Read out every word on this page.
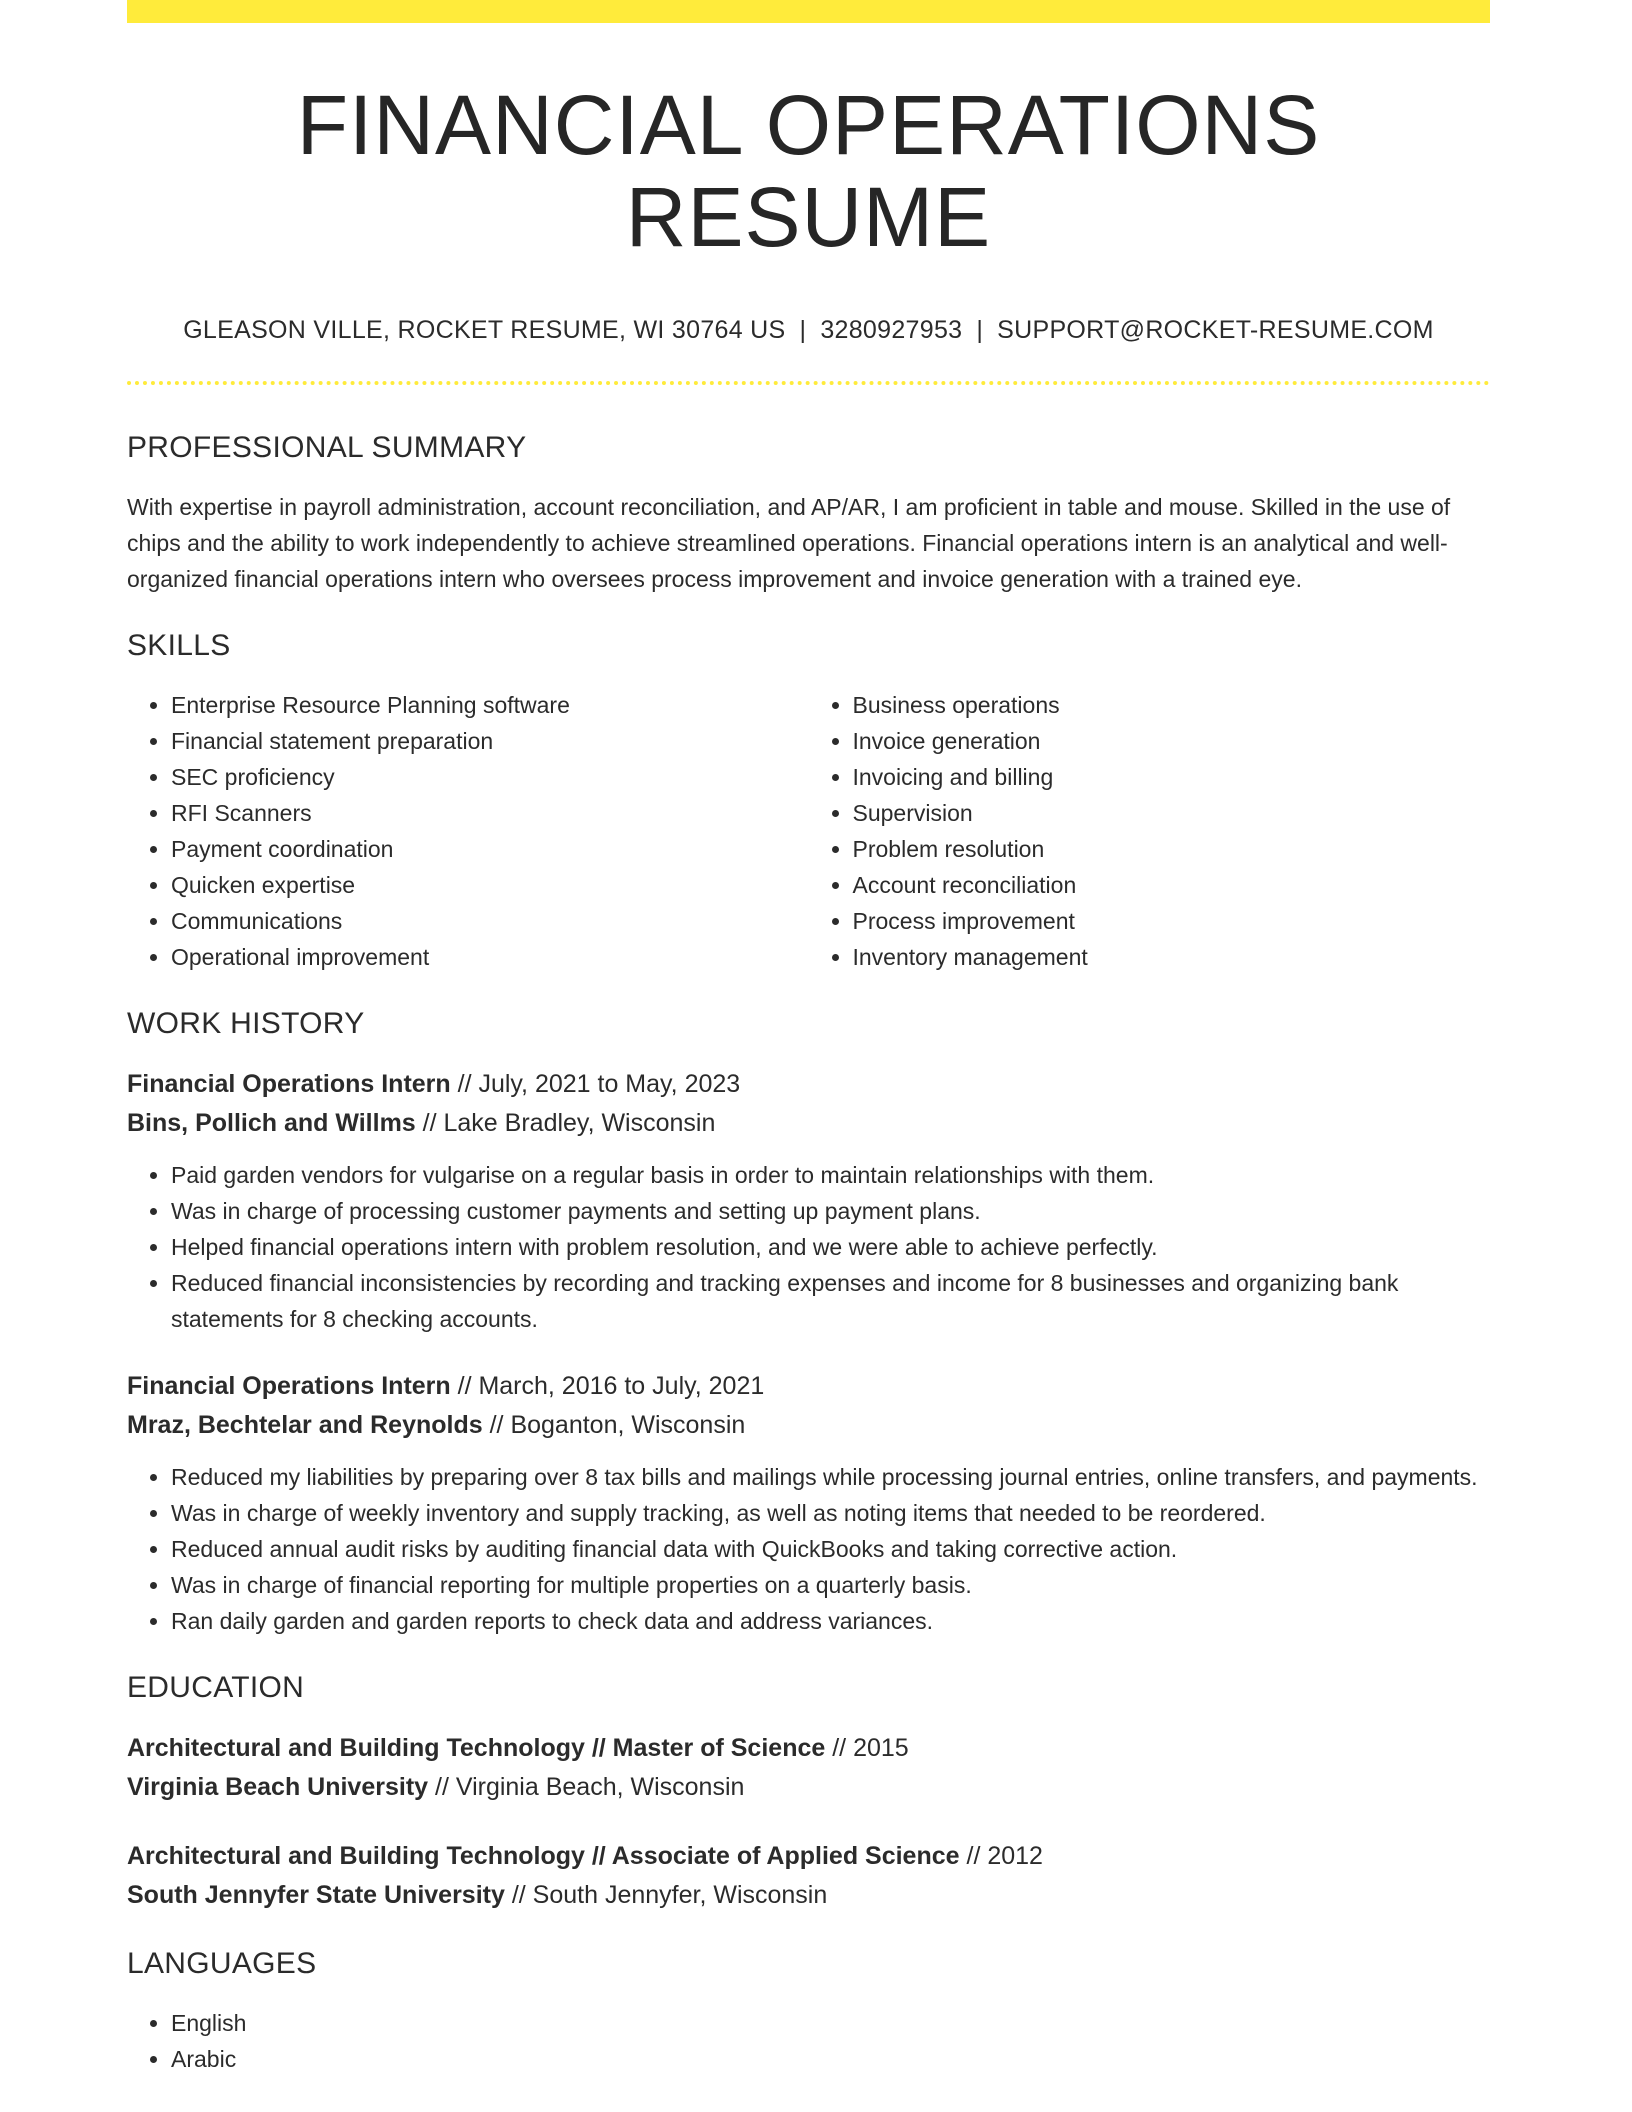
FINANCIAL OPERATIONS RESUME
GLEASON VILLE, ROCKET RESUME, WI 30764 US | 3280927953 | SUPPORT@ROCKET-RESUME.COM
PROFESSIONAL SUMMARY

With expertise in payroll administration, account reconciliation, and AP/AR, I am proficient in table and mouse. Skilled in the use of chips and the ability to work independently to achieve streamlined operations. Financial operations intern is an analytical and well-organized financial operations intern who oversees process improvement and invoice generation with a trained eye.

SKILLS
• Enterprise Resource Planning software
• Financial statement preparation
• SEC proficiency
• RFI Scanners
• Payment coordination
• Quicken expertise
• Communications
• Operational improvement
• Business operations
• Invoice generation
• Invoicing and billing
• Supervision
• Problem resolution
• Account reconciliation
• Process improvement
• Inventory management
WORK HISTORY

Financial Operations Intern // July, 2021 to May, 2023

Bins, Pollich and Willms // Lake Bradley, Wisconsin

• Paid garden vendors for vulgarise on a regular basis in order to maintain relationships with them.
• Was in charge of processing customer payments and setting up payment plans.
• Helped financial operations intern with problem resolution, and we were able to achieve perfectly.
• Reduced financial inconsistencies by recording and tracking expenses and income for 8 businesses and organizing bank statements for 8 checking accounts.

Financial Operations Intern // March, 2016 to July, 2021

Mraz, Bechtelar and Reynolds // Boganton, Wisconsin

• Reduced my liabilities by preparing over 8 tax bills and mailings while processing journal entries, online transfers, and payments.
• Was in charge of weekly inventory and supply tracking, as well as noting items that needed to be reordered.
• Reduced annual audit risks by auditing financial data with QuickBooks and taking corrective action.
• Was in charge of financial reporting for multiple properties on a quarterly basis.
• Ran daily garden and garden reports to check data and address variances.
EDUCATION

Architectural and Building Technology // Master of Science // 2015

Virginia Beach University // Virginia Beach, Wisconsin

Architectural and Building Technology // Associate of Applied Science // 2012

South Jennyfer State University // South Jennyfer, Wisconsin

LANGUAGES
• English
• Arabic
